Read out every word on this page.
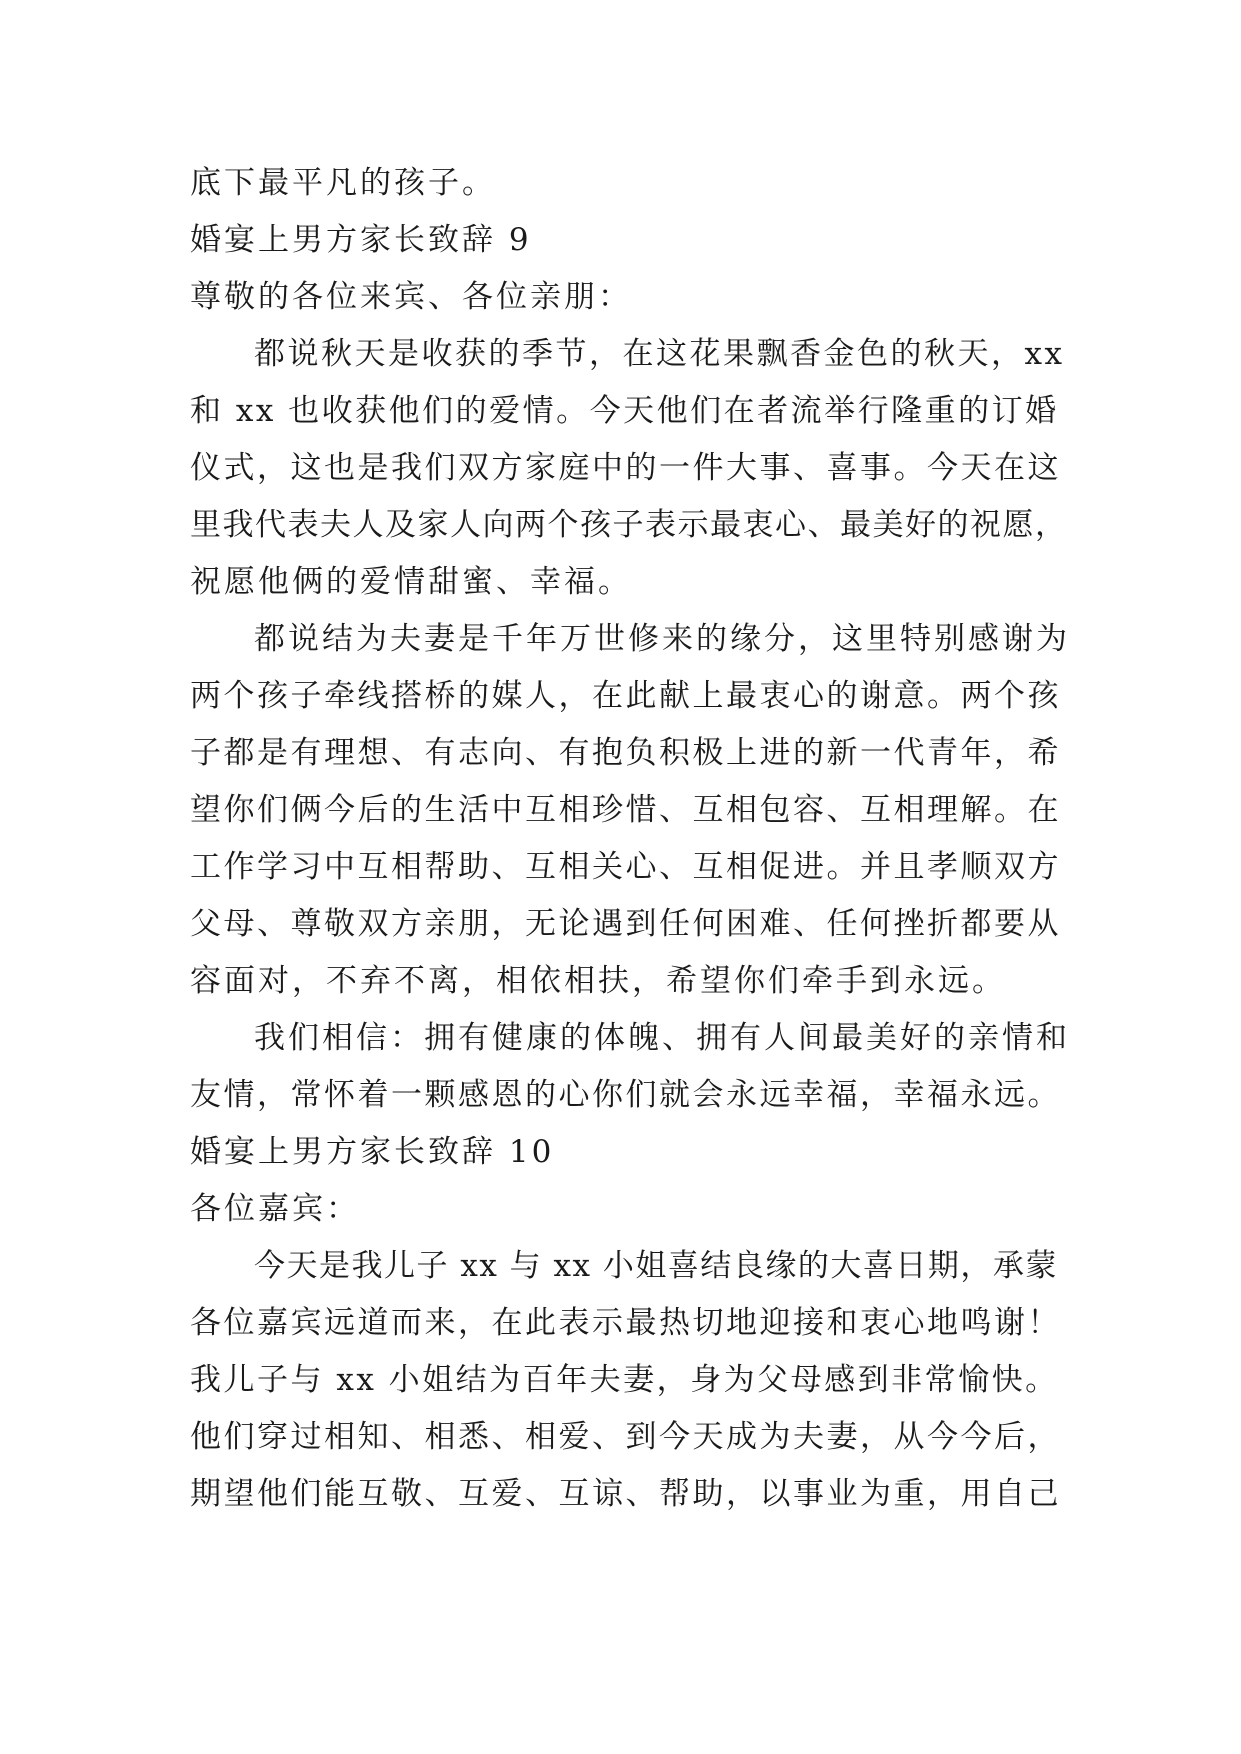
底下最平凡的孩子。
婚宴上男方家长致辞 9
尊敬的各位来宾、各位亲朋：
都说秋天是收获的季节，在这花果飘香金色的秋天，xx
和 xx 也收获他们的爱情。今天他们在者流举行隆重的订婚
仪式，这也是我们双方家庭中的一件大事、喜事。今天在这
里我代表夫人及家人向两个孩子表示最衷心、最美好的祝愿，
祝愿他俩的爱情甜蜜、幸福。
都说结为夫妻是千年万世修来的缘分，这里特别感谢为
两个孩子牵线搭桥的媒人，在此献上最衷心的谢意。两个孩
子都是有理想、有志向、有抱负积极上进的新一代青年，希
望你们俩今后的生活中互相珍惜、互相包容、互相理解。在
工作学习中互相帮助、互相关心、互相促进。并且孝顺双方
父母、尊敬双方亲朋，无论遇到任何困难、任何挫折都要从
容面对，不弃不离，相依相扶，希望你们牵手到永远。
我们相信：拥有健康的体魄、拥有人间最美好的亲情和
友情，常怀着一颗感恩的心你们就会永远幸福，幸福永远。
婚宴上男方家长致辞 10
各位嘉宾：
今天是我儿子 xx 与 xx 小姐喜结良缘的大喜日期，承蒙
各位嘉宾远道而来，在此表示最热切地迎接和衷心地鸣谢！
我儿子与 xx 小姐结为百年夫妻，身为父母感到非常愉快。
他们穿过相知、相悉、相爱、到今天成为夫妻，从今今后，
期望他们能互敬、互爱、互谅、帮助，以事业为重，用自己
